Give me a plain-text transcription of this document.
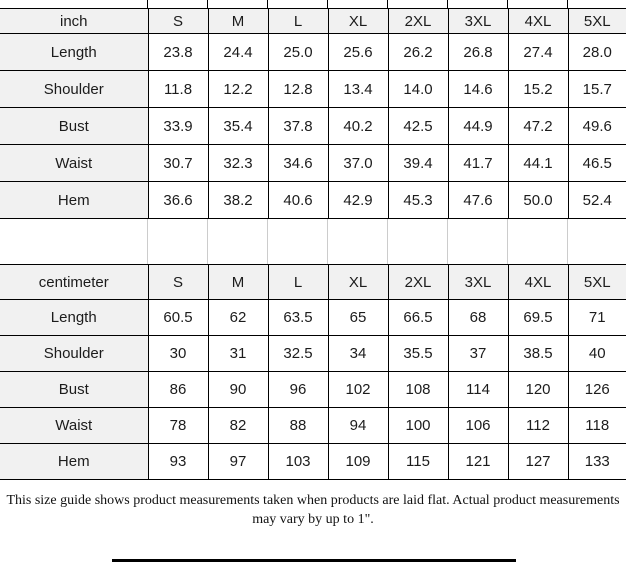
inch	S	M	L	XL	2XL	3XL	4XL	5XL
Length	23.8	24.4	25.0	25.6	26.2	26.8	27.4	28.0
Shoulder	11.8	12.2	12.8	13.4	14.0	14.6	15.2	15.7
Bust	33.9	35.4	37.8	40.2	42.5	44.9	47.2	49.6
Waist	30.7	32.3	34.6	37.0	39.4	41.7	44.1	46.5
Hem	36.6	38.2	40.6	42.9	45.3	47.6	50.0	52.4
centimeter	S	M	L	XL	2XL	3XL	4XL	5XL
Length	60.5	62	63.5	65	66.5	68	69.5	71
Shoulder	30	31	32.5	34	35.5	37	38.5	40
Bust	86	90	96	102	108	114	120	126
Waist	78	82	88	94	100	106	112	118
Hem	93	97	103	109	115	121	127	133
This size guide shows product measurements taken when products are laid flat. Actual product measurements
may vary by up to 1".
